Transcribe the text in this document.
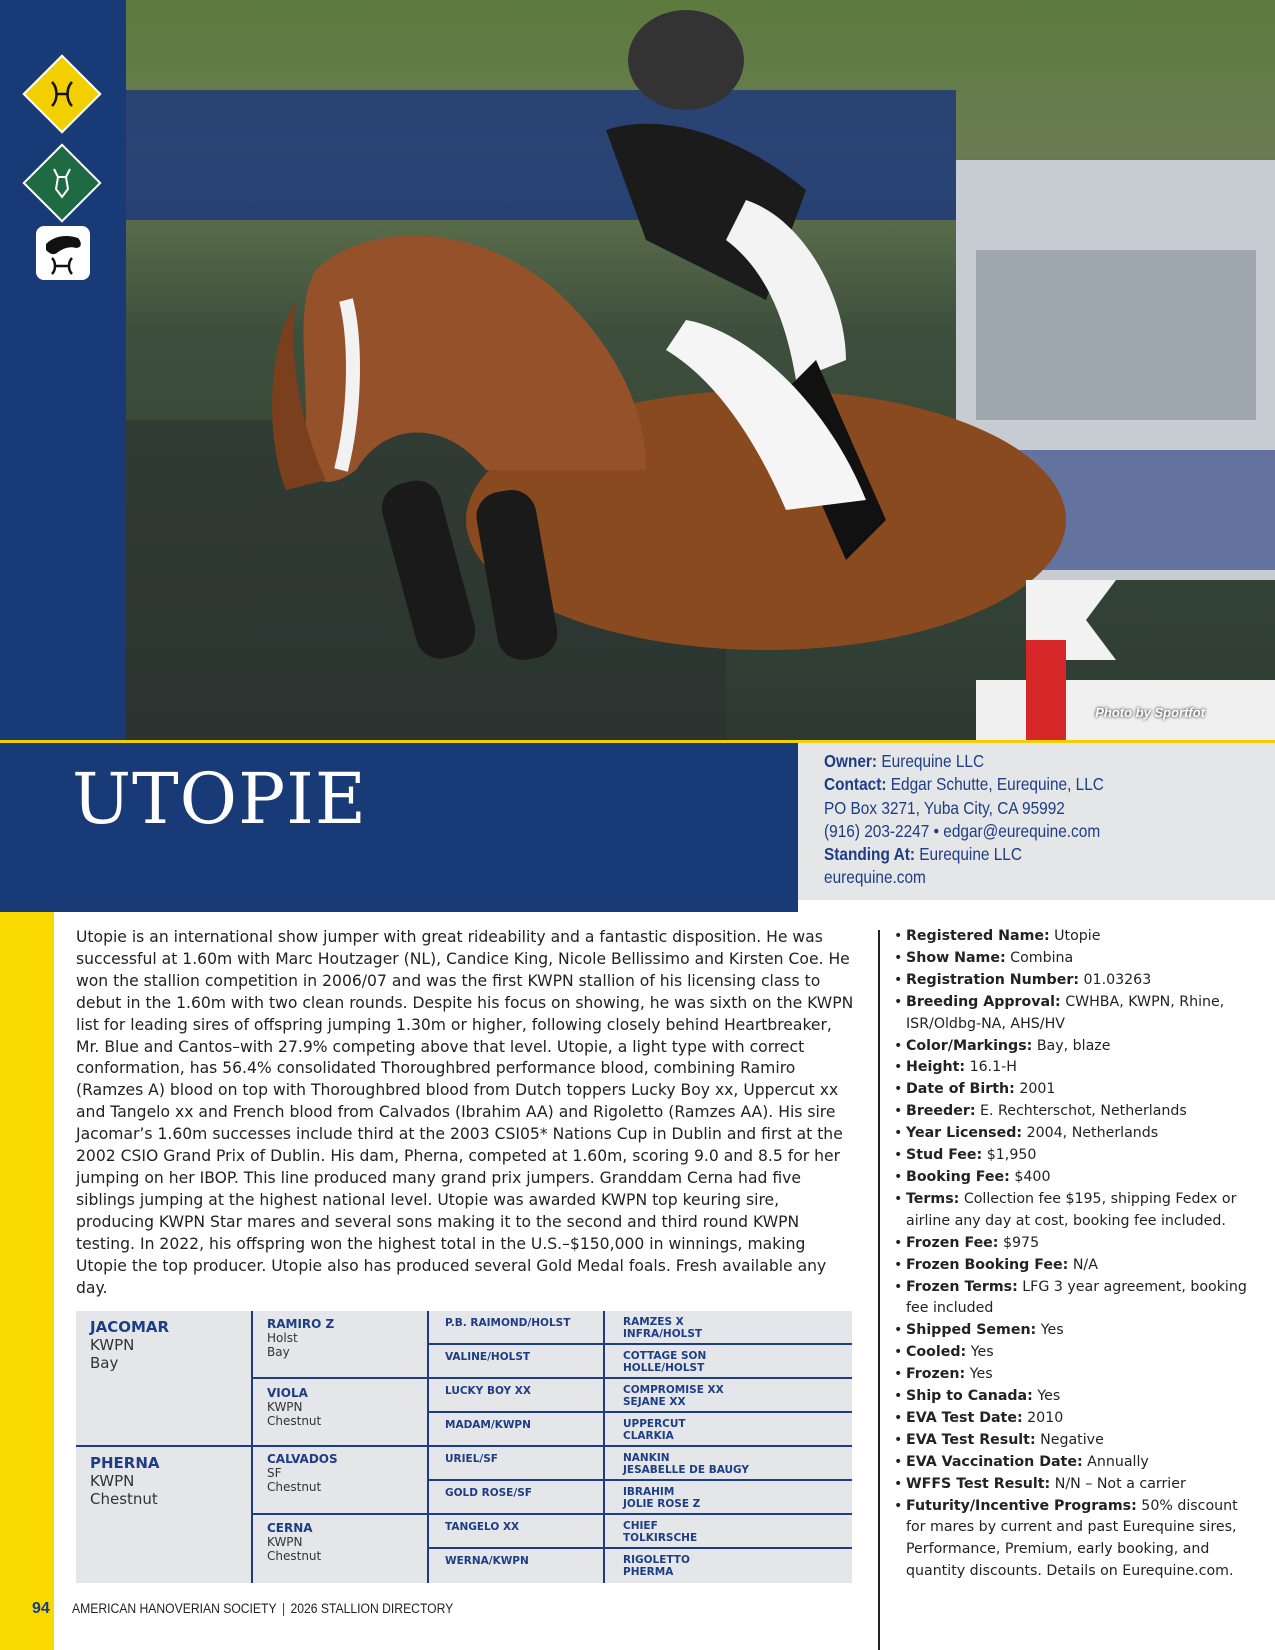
Photo by Sportfot
UTOPIE	Owner: Eurequine LLC
Contact: Edgar Schutte, Eurequine, LLC
PO Box 3271, Yuba City, CA 95992
(916) 203-2247 • edgar@eurequine.com
Standing At: Eurequine LLC
eurequine.com
Utopie is an international show jumper with great rideability and a fantastic disposition. He was successful at 1.60m with Marc Houtzager (NL), Candice King, Nicole Bellissimo and Kirsten Coe. He won the stallion competition in 2006/07 and was the first KWPN stallion of his licensing class to debut in the 1.60m with two clean rounds. Despite his focus on showing, he was sixth on the KWPN list for leading sires of offspring jumping 1.30m or higher, following closely behind Heartbreaker, Mr. Blue and Cantos–with 27.9% competing above that level. Utopie, a light type with correct conformation, has 56.4% consolidated Thoroughbred performance blood, combining Ramiro (Ramzes A) blood on top with Thoroughbred blood from Dutch toppers Lucky Boy xx, Uppercut xx and Tangelo xx and French blood from Calvados (Ibrahim AA) and Rigoletto (Ramzes AA). His sire Jacomar’s 1.60m successes include third at the 2003 CSI05* Nations Cup in Dublin and first at the 2002 CSIO Grand Prix of Dublin. His dam, Pherna, competed at 1.60m, scoring 9.0 and 8.5 for her jumping on her IBOP. This line produced many grand prix jumpers. Granddam Cerna had five siblings jumping at the highest national level. Utopie was awarded KWPN top keuring sire, producing KWPN Star mares and several sons making it to the second and third round KWPN testing. In 2022, his offspring won the highest total in the U.S.–$150,000 in winnings, making Utopie the top producer. Utopie also has produced several Gold Medal foals. Fresh available any day.
JACOMAR
KWPN
Bay
PHERNA
KWPN
Chestnut
RAMIRO Z
Holst
Bay
VIOLA
KWPN
Chestnut
CALVADOS
SF
Chestnut
CERNA
KWPN
Chestnut
P.B. RAIMOND/HOLST
VALINE/HOLST
LUCKY BOY XX
MADAM/KWPN
URIEL/SF
GOLD ROSE/SF
TANGELO XX
WERNA/KWPN
RAMZES X
INFRA/HOLST
COTTAGE SON
HOLLE/HOLST
COMPROMISE XX
SEJANE XX
UPPERCUT
CLARKIA
NANKIN
JESABELLE DE BAUGY
IBRAHIM
JOLIE ROSE Z
CHIEF
TOLKIRSCHE
RIGOLETTO
PHERMA
94 AMERICAN HANOVERIAN SOCIETY | 2026 STALLION DIRECTORY
• Registered Name: Utopie
• Show Name: Combina
• Registration Number: 01.03263
• Breeding Approval: CWHBA, KWPN, Rhine, ISR/Oldbg-NA, AHS/HV
• Color/Markings: Bay, blaze
• Height: 16.1-H
• Date of Birth: 2001
• Breeder: E. Rechterschot, Netherlands
• Year Licensed: 2004, Netherlands
• Stud Fee: $1,950
• Booking Fee: $400
• Terms: Collection fee $195, shipping Fedex or airline any day at cost, booking fee included.
• Frozen Fee: $975
• Frozen Booking Fee: N/A
• Frozen Terms: LFG 3 year agreement, booking fee included
• Shipped Semen: Yes
• Cooled: Yes
• Frozen: Yes
• Ship to Canada: Yes
• EVA Test Date: 2010
• EVA Test Result: Negative
• EVA Vaccination Date: Annually
• WFFS Test Result: N/N – Not a carrier
• Futurity/Incentive Programs: 50% discount for mares by current and past Eurequine sires, Performance, Premium, early booking, and quantity discounts. Details on Eurequine.com.
